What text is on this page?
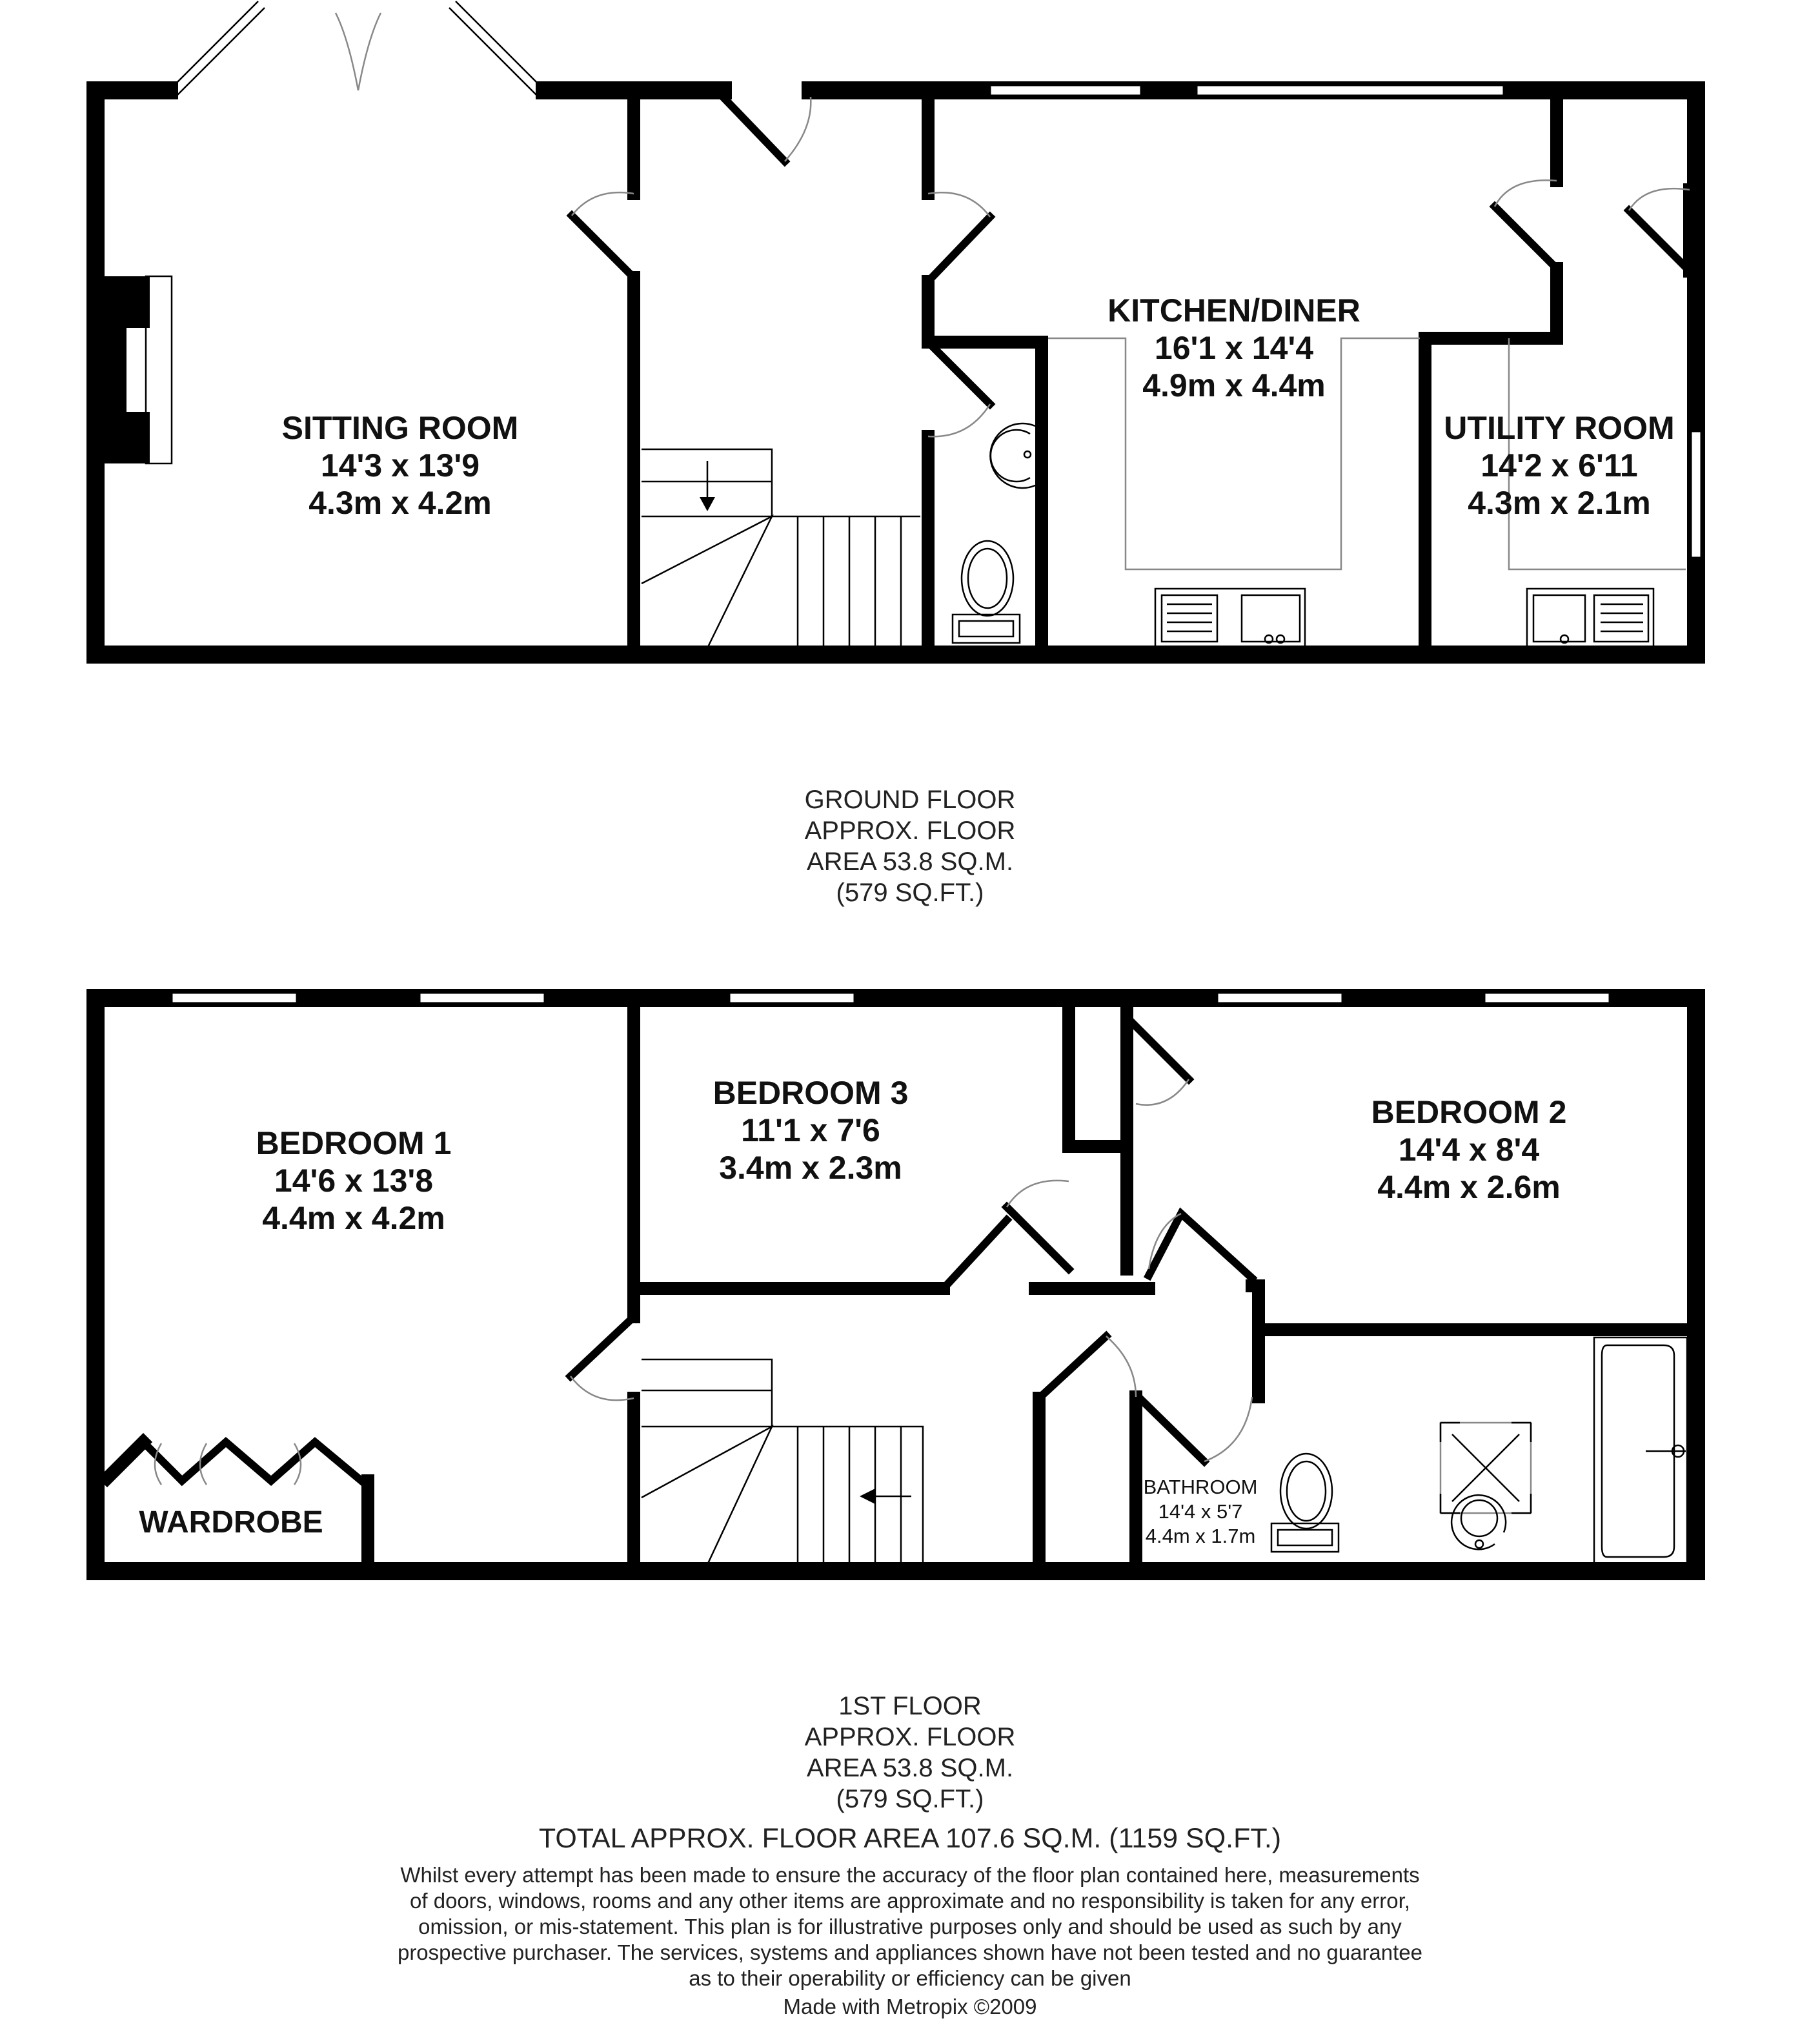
SITTING ROOM
14'3 x 13'9
4.3m x 4.2m
KITCHEN/DINER
16'1 x 14'4
4.9m x 4.4m
UTILITY ROOM
14'2 x 6'11
4.3m x 2.1m
GROUND FLOOR
APPROX. FLOOR
AREA 53.8 SQ.M.
(579 SQ.FT.)
WARDROBE
BEDROOM 1
14'6 x 13'8
4.4m x 4.2m
BEDROOM 3
11'1 x 7'6
3.4m x 2.3m
BEDROOM 2
14'4 x 8'4
4.4m x 2.6m
BATHROOM
14'4 x 5'7
4.4m x 1.7m
1ST FLOOR
APPROX. FLOOR
AREA 53.8 SQ.M.
(579 SQ.FT.)
TOTAL APPROX. FLOOR AREA 107.6 SQ.M. (1159 SQ.FT.)
Whilst every attempt has been made to ensure the accuracy of the floor plan contained here, measurements
of doors, windows, rooms and any other items are approximate and no responsibility is taken for any error,
omission, or mis-statement. This plan is for illustrative purposes only and should be used as such by any
prospective purchaser. The services, systems and appliances shown have not been tested and no guarantee
as to their operability or efficiency can be given
Made with Metropix ©2009
